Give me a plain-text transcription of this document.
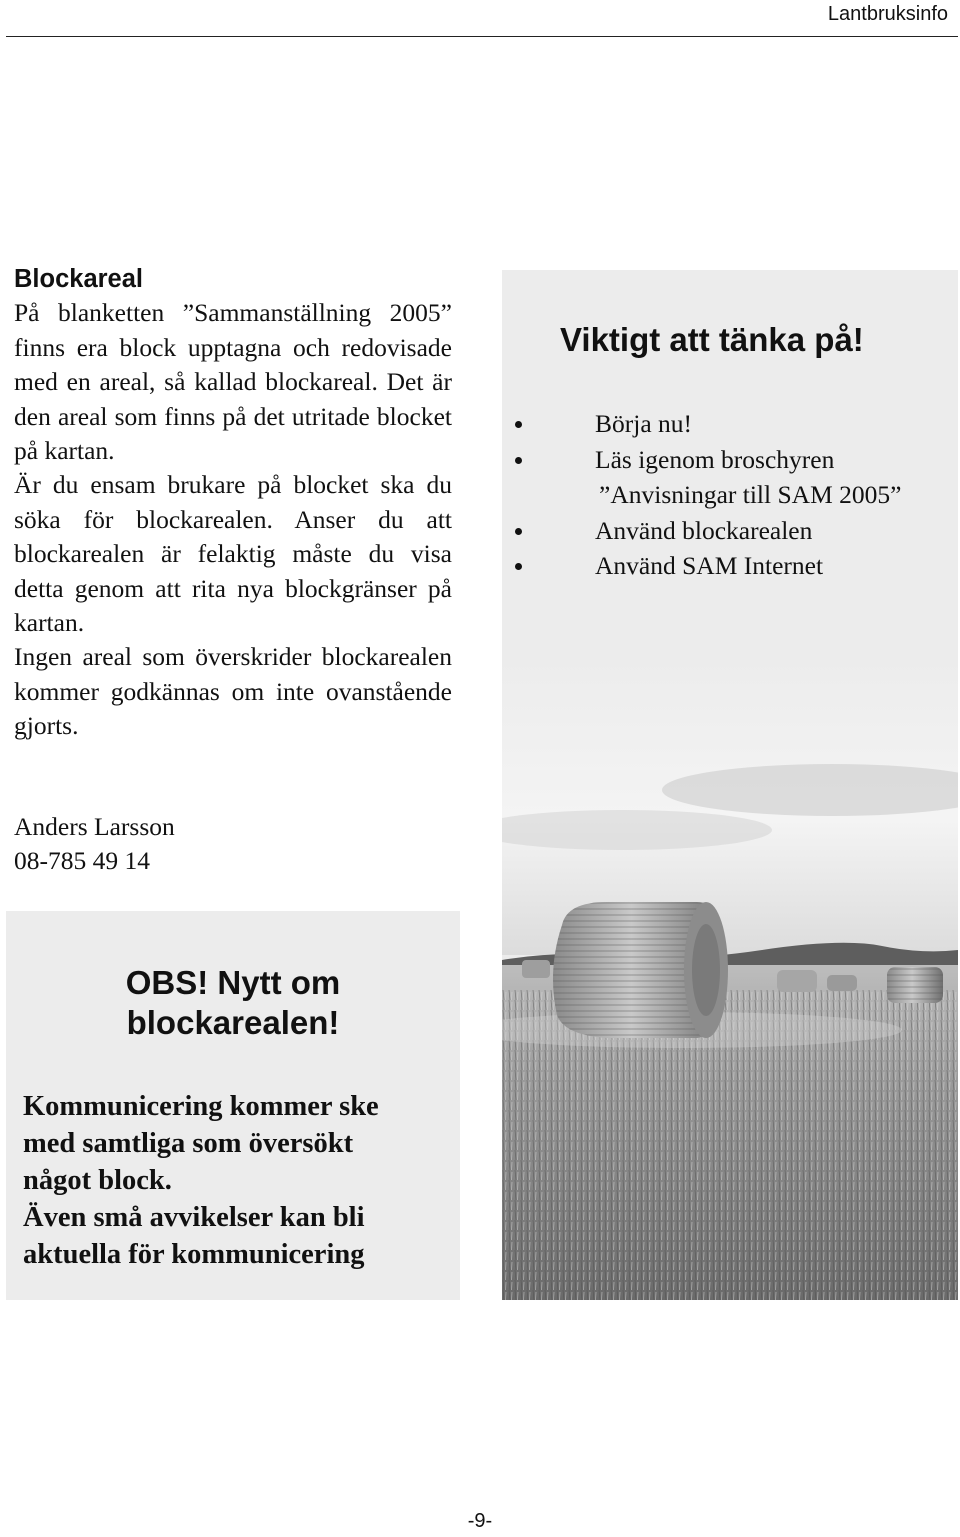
Lantbruksinfo
Blockareal

På blanketten ”Sammanställning 2005” finns era block upptagna och redovisade med en areal, så kallad blockareal. Det är den areal som finns på det utritade blocket på kartan.

Är du ensam brukare på blocket ska du söka för blockarealen. Anser du att blockarealen är felaktig måste du visa detta genom att rita nya blockgränser på kartan.

Ingen areal som överskrider blockarealen kommer godkännas om inte ovanstående gjorts.

Anders Larsson
08-785 49 14
OBS! Nytt om
blockarealen!

Kommunicering kommer ske
med samtliga som översökt
något block.
Även små avvikelser kan bli
aktuella för kommunicering

Viktigt att tänka på!
Börja nu!
Läs igenom broschyren
”Anvisningar till SAM 2005”
Använd blockarealen
Använd SAM Internet
-9-
